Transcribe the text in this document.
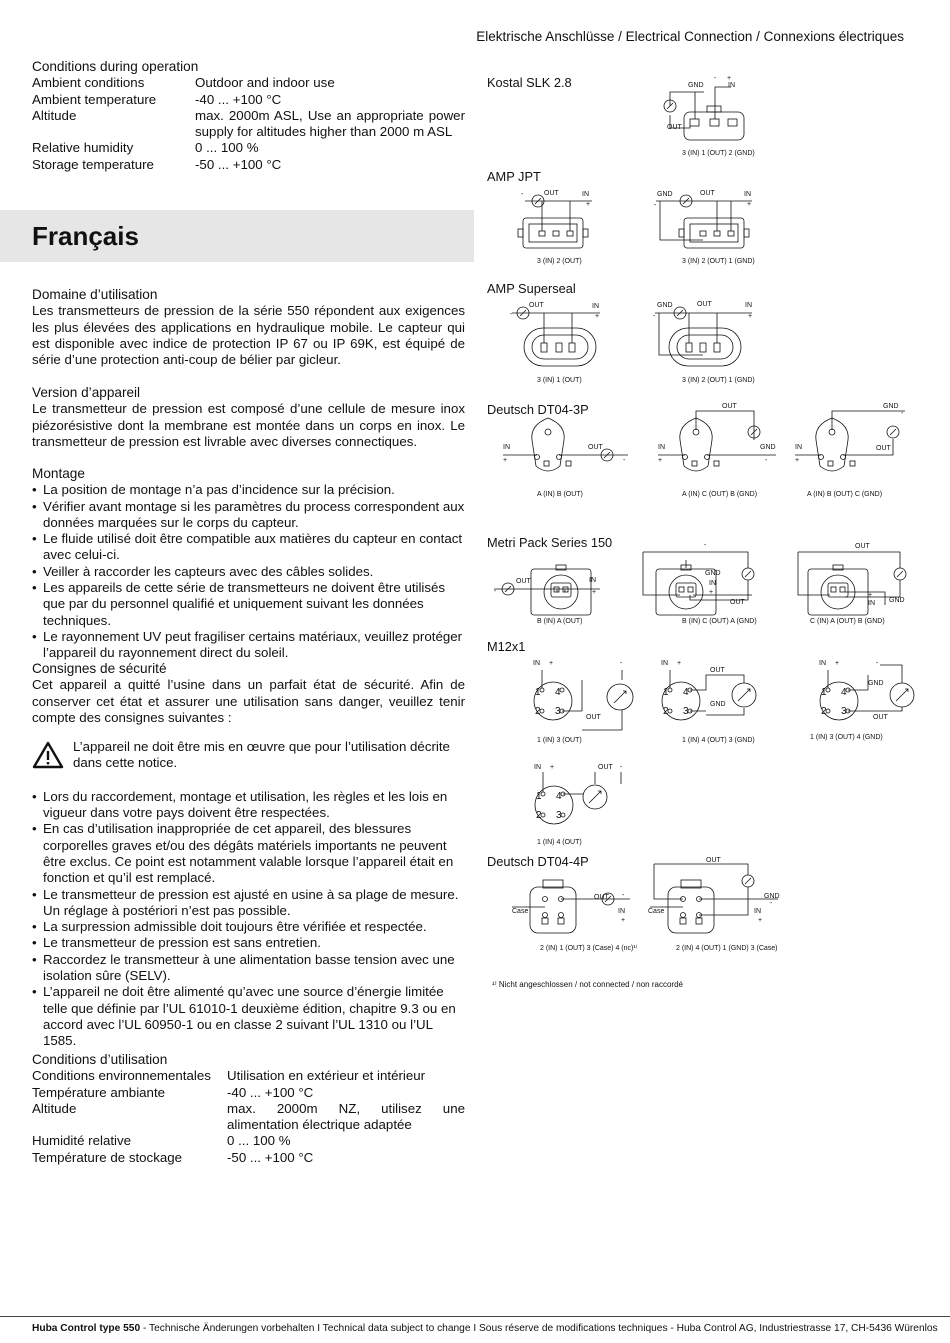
Elektrische Anschlüsse / Electrical Connection / Connexions électriques
Conditions during operation
Ambient conditions	Outdoor and indoor use
Ambient temperature	-40 ... +100 °C
Altitude	max. 2000m ASL, Use an appropriate power supply for altitudes higher than 2000 m ASL
Relative humidity	0 ... 100 %
Storage temperature	-50 ... +100 °C
Français
Domaine d’utilisation

Les transmetteurs de pression de la série 550 répondent aux exigences les plus élevées des applications en hydraulique mobile. Le capteur qui est disponible avec indice de protection IP 67 ou IP 69K, est équipé de série d’une protection anti-coup de bélier par gicleur.

Version d’appareil

Le transmetteur de pression est composé d’une cellule de mesure inox piézorésistive dont la membrane est montée dans un corps en inox. Le transmetteur de pression est livrable avec diverses connectiques.

Montage
• La position de montage n’a pas d’incidence sur la précision.
• Vérifier avant montage si les paramètres du process correspondent aux données marquées sur le corps du capteur.
• Le fluide utilisé doit être compatible aux matières du capteur en contact avec celui-ci.
• Veiller à raccorder les capteurs avec des câbles solides.
• Les appareils de cette série de transmetteurs ne doivent être utilisés que par du personnel qualifié et uniquement suivant les données techniques.
• Le rayonnement UV peut fragiliser certains matériaux, veuillez protéger l’appareil du rayonnement direct du soleil.
Consignes de sécurité

Cet appareil a quitté l’usine dans un parfait état de sécurité. Afin de conserver cet état et assurer une utilisation sans danger, veuillez tenir compte des consignes suivantes :

L’appareil ne doit être mis en œuvre que pour l’utilisation décrite dans cette notice.

• Lors du raccordement, montage et utilisation, les règles et les lois en vigueur dans votre pays doivent être respectées.
• En cas d’utilisation inappropriée de cet appareil, des blessures corporelles graves et/ou des dégâts matériels importants ne peuvent être exclus. Ce point est notamment valable lorsque l’appareil était en fonction et qu’il est remplacé.
• Le transmetteur de pression est ajusté en usine à sa plage de mesure. Un réglage à postériori n’est pas possible.
• La surpression admissible doit toujours être vérifiée et respectée.
• Le transmetteur de pression est sans entretien.
• Raccordez le transmetteur à une alimentation basse tension avec une isolation sûre (SELV).
• L’appareil ne doit être alimenté qu’avec une source d’énergie limitée telle que définie par l’UL 61010-1 deuxième édition, chapitre 9.3 ou en accord avec l’UL 60950-1 ou en classe 2 suivant l’UL 1310 ou l’UL 1585.
Conditions d’utilisation
Conditions environnementales	Utilisation en extérieur et intérieur
Température ambiante	-40 ... +100 °C
Altitude	max. 2000m NZ, utilisez une alimentation électrique adaptée
Humidité relative	0 ... 100 %
Température de stockage	-50 ... +100 °C
Kostal SLK 2.8
AMP JPT
AMP Superseal
Deutsch DT04-3P
Metri Pack Series 150
M12x1
Deutsch DT04-4P
GND
- +
IN
OUT
3 (IN) 1 (OUT) 2 (GND)
-	OUT	IN
+
3 (IN) 2 (OUT)
GND
-
OUT	IN
+
3 (IN) 2 (OUT) 1 (GND)
-
OUT	IN
+
3 (IN) 1 (OUT)
GND
-
OUT	IN
+
3 (IN) 2 (OUT) 1 (GND)
IN
+
OUT
-
A (IN) B (OUT)
IN
+
OUT
GND
-
A (IN) C (OUT) B (GND)
IN
+
GND
-
OUT
A (IN) B (OUT) C (GND)
-
OUT	IN
+
B (IN) A (OUT)
-
GND
IN
+
OUT
B (IN) C (OUT) A (GND)
OUT
+
IN GND
C (IN) A (OUT) B (GND)
IN +
1 4
2 3
OUT
-
1 (IN) 3 (OUT)
IN +
1 4
2 3
OUT
GND
1 (IN) 4 (OUT) 3 (GND)
IN +
1 4
2 3
-
GND
OUT
1 (IN) 3 (OUT) 4 (GND)
IN +
1 4
2 3
OUT -
1 (IN) 4 (OUT)
Case
OUT -
IN
+
2 (IN) 1 (OUT) 3 (Case) 4 (nc)¹⁾
OUT
Case
GND
-
IN
+
2 (IN) 4 (OUT) 1 (GND) 3 (Case)
¹⁾ Nicht angeschlossen / not connected / non raccordé
Huba Control type 550 - Technische Änderungen vorbehalten I Technical data subject to change I Sous réserve de modifications techniques - Huba Control AG, Industriestrasse 17, CH-5436 Würenlos
